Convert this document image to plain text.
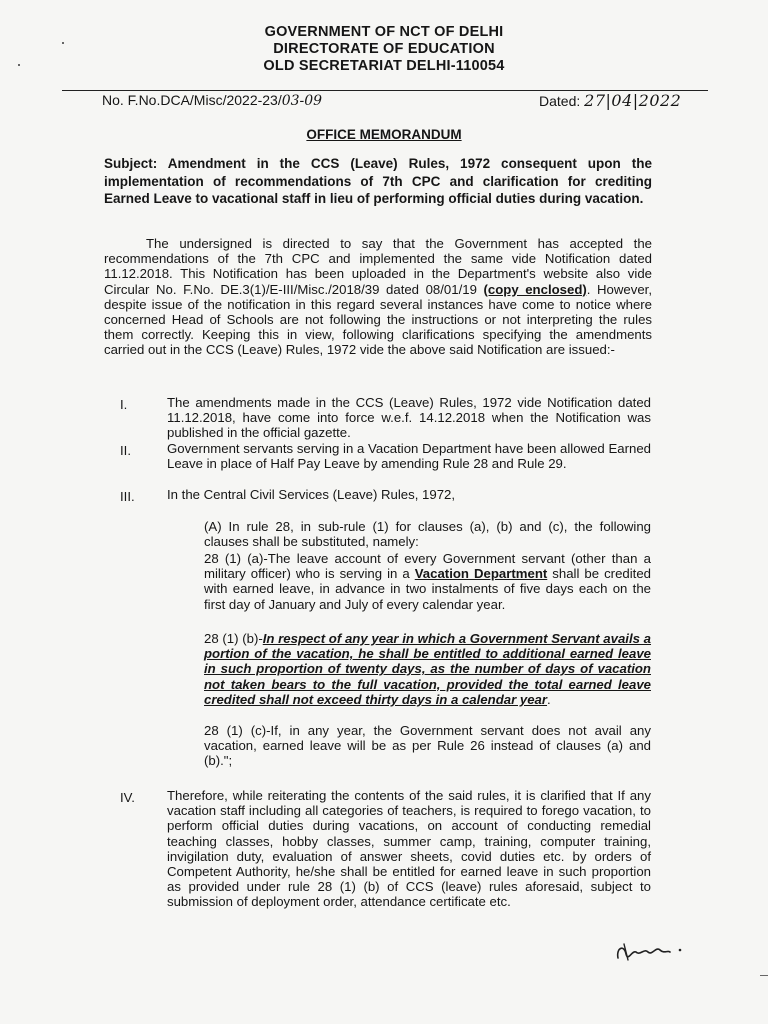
GOVERNMENT OF NCT OF DELHI
DIRECTORATE OF EDUCATION
OLD SECRETARIAT DELHI-110054
No. F.No.DCA/Misc/2022-23/03-09	Dated: 27|04|2022
OFFICE MEMORANDUM
Subject: Amendment in the CCS (Leave) Rules, 1972 consequent upon the implementation of recommendations of 7th CPC and clarification for crediting Earned Leave to vacational staff in lieu of performing official duties during vacation.
The undersigned is directed to say that the Government has accepted the recommendations of the 7th CPC and implemented the same vide Notification dated 11.12.2018. This Notification has been uploaded in the Department's website also vide Circular No. F.No. DE.3(1)/E-III/Misc./2018/39 dated 08/01/19 (copy enclosed). However, despite issue of the notification in this regard several instances have come to notice where concerned Head of Schools are not following the instructions or not interpreting the rules them correctly. Keeping this in view, following clarifications specifying the amendments carried out in the CCS (Leave) Rules, 1972 vide the above said Notification are issued:-
I.	The amendments made in the CCS (Leave) Rules, 1972 vide Notification dated 11.12.2018, have come into force w.e.f. 14.12.2018 when the Notification was published in the official gazette.
II.	Government servants serving in a Vacation Department have been allowed Earned Leave in place of Half Pay Leave by amending Rule 28 and Rule 29.
III. In the Central Civil Services (Leave) Rules, 1972,
(A) In rule 28, in sub-rule (1) for clauses (a), (b) and (c), the following clauses shall be substituted, namely:
28 (1) (a)-The leave account of every Government servant (other than a military officer) who is serving in a Vacation Department shall be credited with earned leave, in advance in two instalments of five days each on the first day of January and July of every calendar year.
28 (1) (b)-In respect of any year in which a Government Servant avails a portion of the vacation, he shall be entitled to additional earned leave in such proportion of twenty days, as the number of days of vacation not taken bears to the full vacation, provided the total earned leave credited shall not exceed thirty days in a calendar year.
28 (1) (c)-If, in any year, the Government servant does not avail any vacation, earned leave will be as per Rule 26 instead of clauses (a) and (b).";
IV. Therefore, while reiterating the contents of the said rules, it is clarified that If any vacation staff including all categories of teachers, is required to forego vacation, to perform official duties during vacations, on account of conducting remedial teaching classes, hobby classes, summer camp, training, computer training, invigilation duty, evaluation of answer sheets, covid duties etc. by orders of Competent Authority, he/she shall be entitled for earned leave in such proportion as provided under rule 28 (1) (b) of CCS (leave) rules aforesaid, subject to submission of deployment order, attendance certificate etc.
